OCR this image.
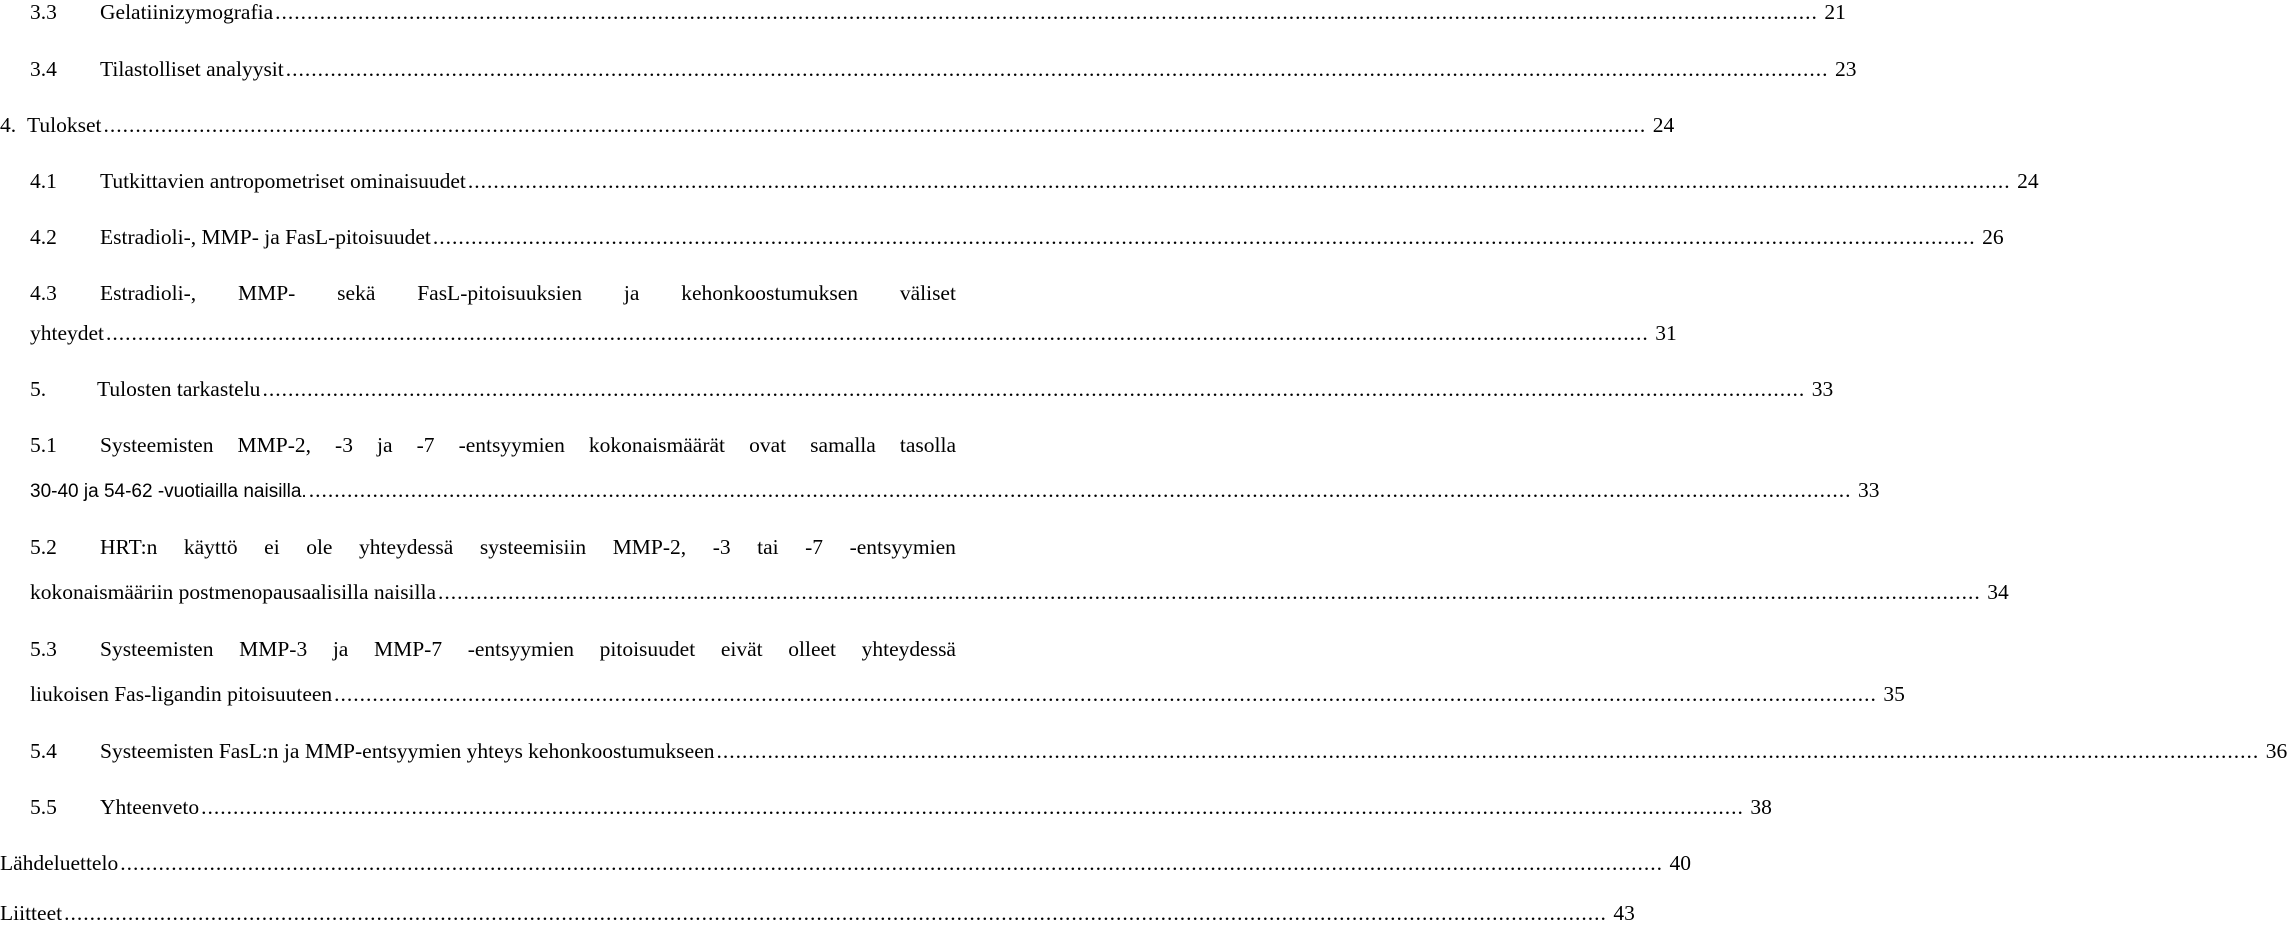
3.3	Gelatiinizymografia .....	21
3.4	Tilastolliset analyysit .....	23
4. Tulokset .....	24
4.1	Tutkittavien antropometriset ominaisuudet .....	24
4.2	Estradioli-, MMP- ja FasL-pitoisuudet .....	26
4.3	Estradioli-, MMP- sekä FasL-pitoisuuksien ja kehonkoostumuksen väliset
yhteydet .....	31
5.	Tulosten tarkastelu .....	33
5.1	Systeemisten MMP-2, -3 ja -7 -entsyymien kokonaismäärät ovat samalla tasolla
30-40 ja 54-62 -vuotiailla naisilla. .....	33
5.2	HRT:n käyttö ei ole yhteydessä systeemisiin MMP-2, -3 tai -7 -entsyymien
kokonaismääriin postmenopausaalisilla naisilla .....	34
5.3	Systeemisten MMP-3 ja MMP-7 -entsyymien pitoisuudet eivät olleet yhteydessä
liukoisen Fas-ligandin pitoisuuteen .....	35
5.4	Systeemisten FasL:n ja MMP-entsyymien yhteys kehonkoostumukseen .....	36
5.5	Yhteenveto .....	38
Lähdeluettelo .....	40
Liitteet .....	43
